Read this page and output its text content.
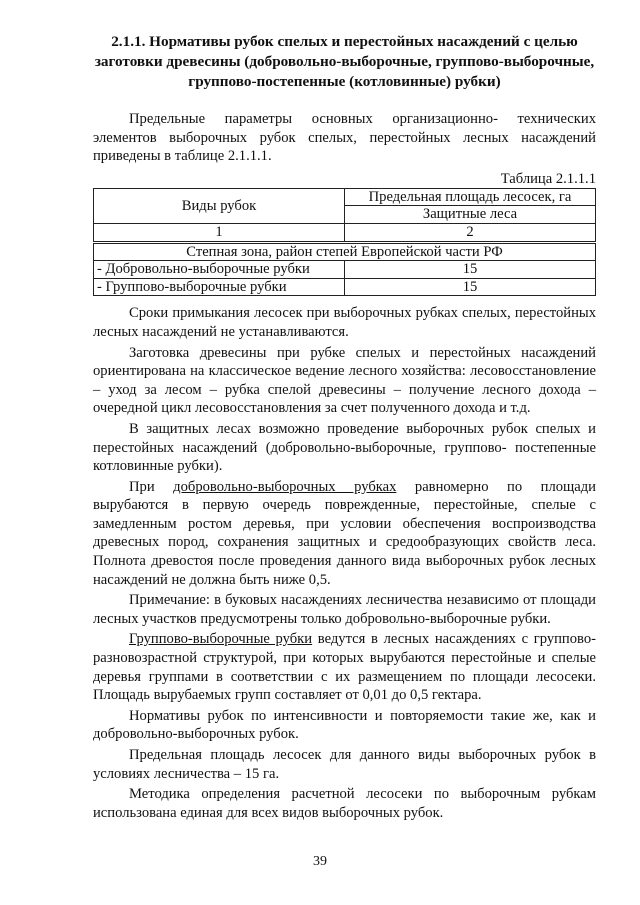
2.1.1. Нормативы рубок спелых и перестойных насаждений с целью заготовки древесины (добровольно-выборочные, группово-выборочные, группово-постепенные (котловинные) рубки)

Предельные параметры основных организационно- технических элементов выборочных рубок спелых, перестойных лесных насаждений приведены в таблице 2.1.1.1.

Таблица 2.1.1.1
Виды рубок	Предельная площадь лесосек, га
	Защитные леса
1	2
Степная зона, район степей Европейской части РФ	
- Добровольно-выборочные рубки	15
- Группово-выборочные рубки	15

Сроки примыкания лесосек при выборочных рубках спелых, перестойных лесных насаждений не устанавливаются.

Заготовка древесины при рубке спелых и перестойных насаждений ориентирована на классическое ведение лесного хозяйства: лесовосстановление – уход за лесом – рубка спелой древесины – получение лесного дохода – очередной цикл лесовосстановления за счет полученного дохода и т.д.

В защитных лесах возможно проведение выборочных рубок спелых и перестойных насаждений (добровольно-выборочные, группово- постепенные котловинные рубки).

При добровольно-выборочных рубках равномерно по площади вырубаются в первую очередь поврежденные, перестойные, спелые с замедленным ростом деревья, при условии обеспечения воспроизводства древесных пород, сохранения защитных и средообразующих свойств леса. Полнота древостоя после проведения данного вида выборочных рубок лесных насаждений не должна быть ниже 0,5.

Примечание: в буковых насаждениях лесничества независимо от площади лесных участков предусмотрены только добровольно-выборочные рубки.

Группово-выборочные рубки ведутся в лесных насаждениях с группово-разновозрастной структурой, при которых вырубаются перестойные и спелые деревья группами в соответствии с их размещением по площади лесосеки. Площадь вырубаемых групп составляет от 0,01 до 0,5 гектара.

Нормативы рубок по интенсивности и повторяемости такие же, как и добровольно-выборочных рубок.

Предельная площадь лесосек для данного виды выборочных рубок в условиях лесничества – 15 га.

Методика определения расчетной лесосеки по выборочным рубкам использована единая для всех видов выборочных рубок.

39
